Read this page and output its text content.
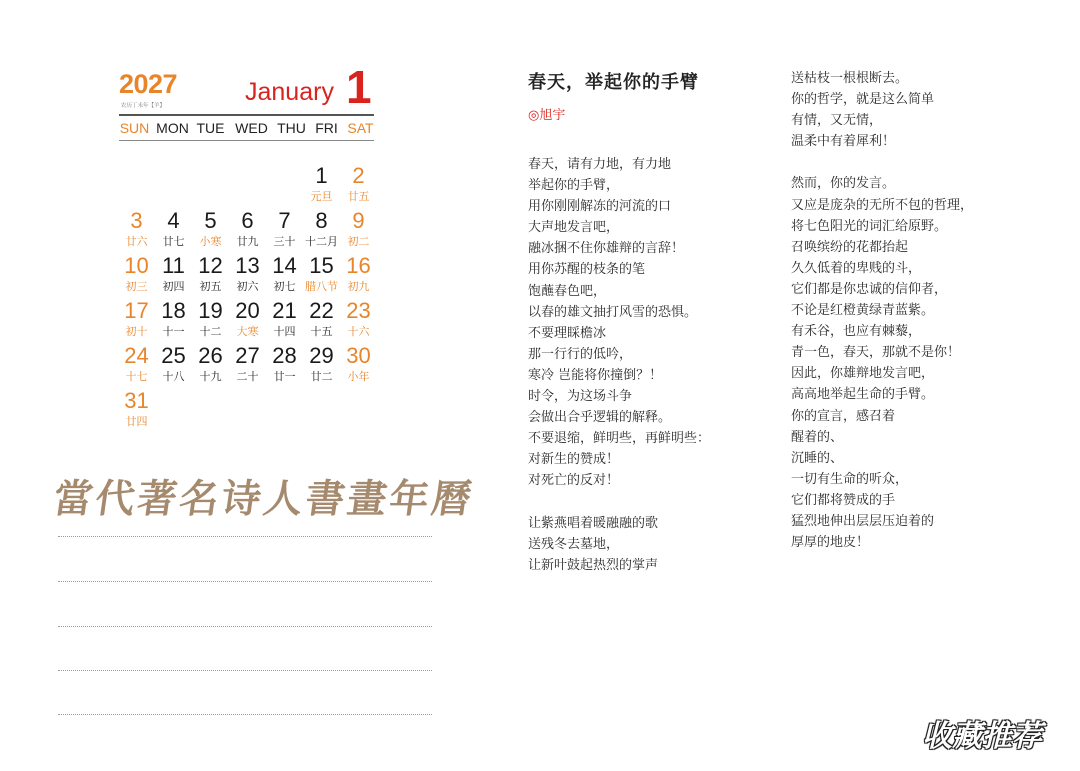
2027
农历丁未年【羊】	January 1
SUN MON TUE WED THU FRI SAT
1
元旦
2
廿五
3
廿六
4
廿七
5
小寒
6
廿九
7
三十
8
十二月
9
初二
10
初三
11
初四
12
初五
13
初六
14
初七
15
腊八节
16
初九
17
初十
18
十一
19
十二
20
大寒
21
十四
22
十五
23
十六
24
十七
25
十八
26
十九
27
二十
28
廿一
29
廿二
30
小年
31
廿四
當代著名诗人書畫年曆
春天，举起你的手臂
◎旭宇
春天，请有力地，有力地
举起你的手臂，
用你刚刚解冻的河流的口
大声地发言吧，
融冰捆不住你雄辩的言辞！
用你苏醒的枝条的笔
饱蘸春色吧，
以春的雄文抽打风雪的恐惧。
不要理睬檐冰
那一行行的低吟，
寒冷 岂能将你撞倒？！
时令，为这场斗争
会做出合乎逻辑的解释。
不要退缩，鲜明些，再鲜明些：
对新生的赞成！
对死亡的反对！
让紫燕唱着暖融融的歌
送残冬去墓地，
让新叶鼓起热烈的掌声
送枯枝一根根断去。
你的哲学，就是这么简单
有情，又无情，
温柔中有着犀利！
然而，你的发言。
又应是庞杂的无所不包的哲理，
将七色阳光的词汇给原野。
召唤缤纷的花都抬起
久久低着的卑贱的斗，
它们都是你忠诚的信仰者，
不论是红橙黄绿青蓝紫。
有禾谷，也应有棘藜，
青一色，春天，那就不是你！
因此，你雄辩地发言吧，
高高地举起生命的手臂。
你的宣言，感召着
醒着的、
沉睡的、
一切有生命的听众，
它们都将赞成的手
猛烈地伸出层层压迫着的
厚厚的地皮！
收藏推荐
